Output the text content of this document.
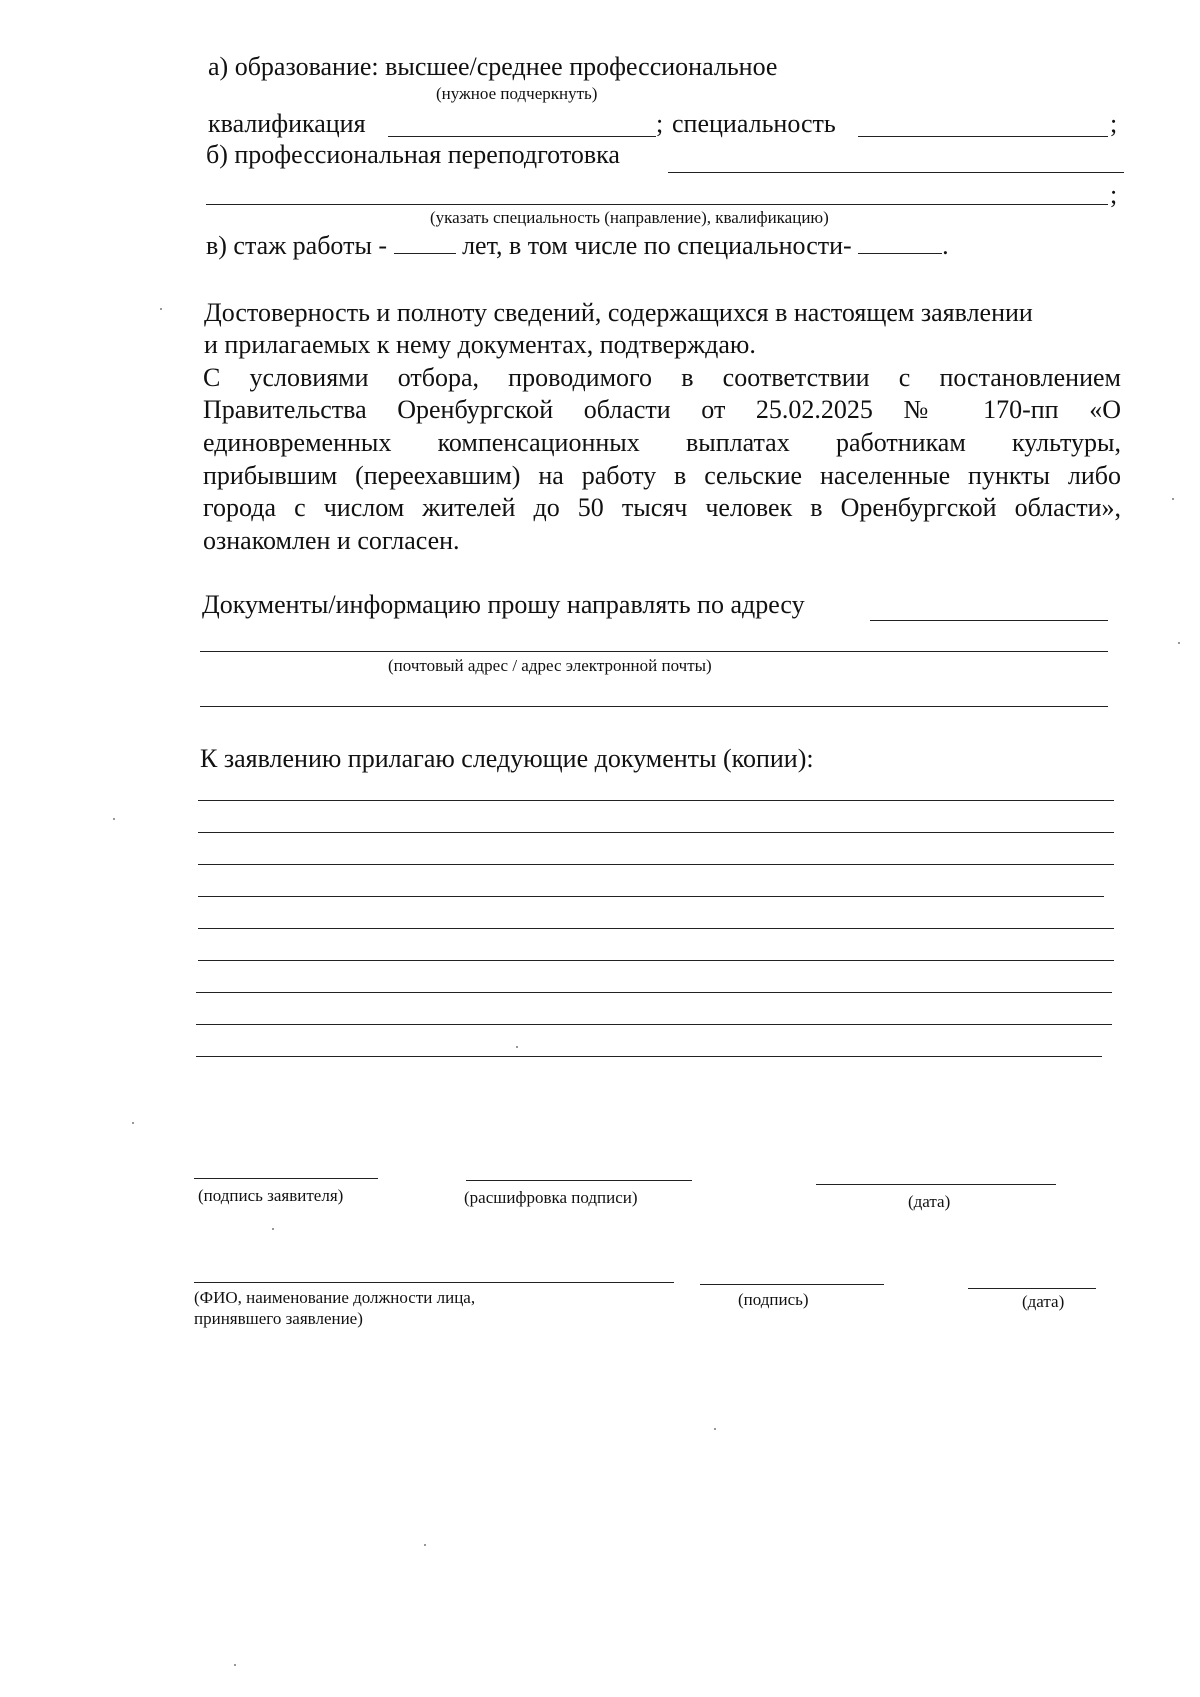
а) образование: высшее/среднее профессиональное
(нужное подчеркнуть)
квалификация	; специальность	;
б) профессиональная переподготовка
;
(указать специальность (направление), квалификацию)
в) стаж работы -	лет, в том числе по специальности-	.
Достоверность и полноту сведений, содержащихся в настоящем заявлении
и прилагаемых к нему документах, подтверждаю.
С условиями отбора, проводимого в соответствии с постановлением
Правительства Оренбургской области от 25.02.2025 № 170-пп «О
единовременных компенсационных выплатах работникам культуры,
прибывшим (переехавшим) на работу в сельские населенные пункты либо
города с числом жителей до 50 тысяч человек в Оренбургской области»,
ознакомлен и согласен.
Документы/информацию прошу направлять по адресу
(почтовый адрес / адрес электронной почты)
К заявлению прилагаю следующие документы (копии):
(подпись заявителя)	(расшифровка подписи)	(дата)
(ФИО, наименование должности лица,
принявшего заявление)
(подпись)	(дата)
